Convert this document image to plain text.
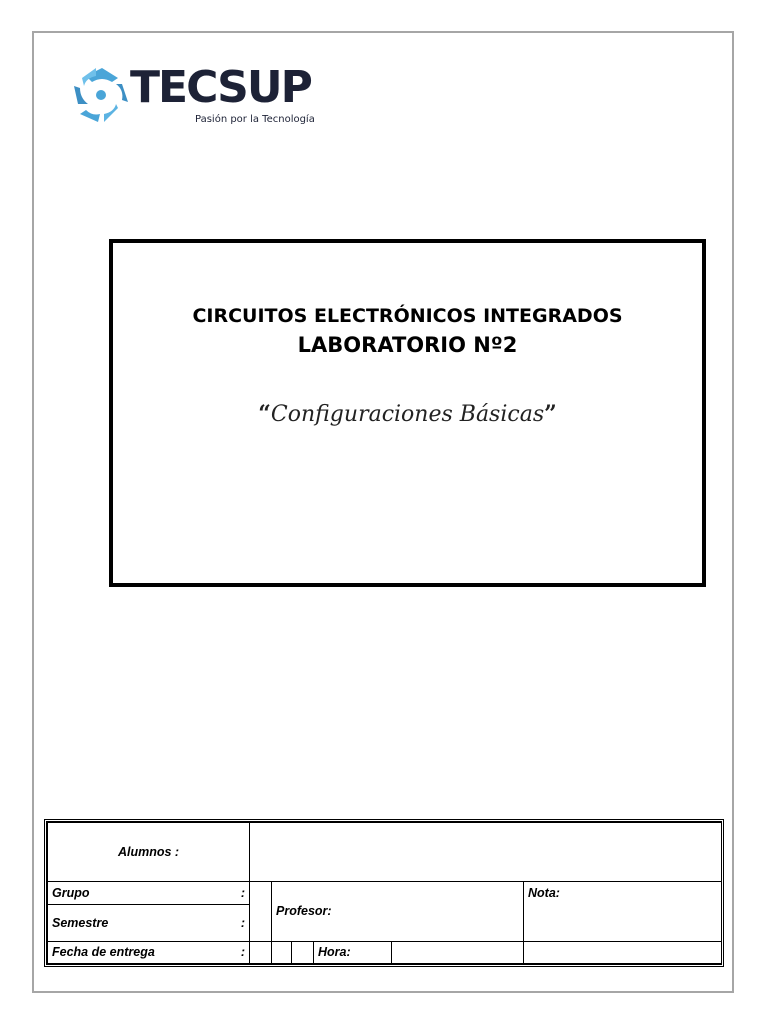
TECSUP
Pasión por la Tecnología
CIRCUITOS ELECTRÓNICOS INTEGRADOS
LABORATORIO Nº2
“Configuraciones Básicas”
Alumnos :						
Grupo :		Profesor:				Nota:
Semestre :						

Fecha de entrega :				Hora:		
